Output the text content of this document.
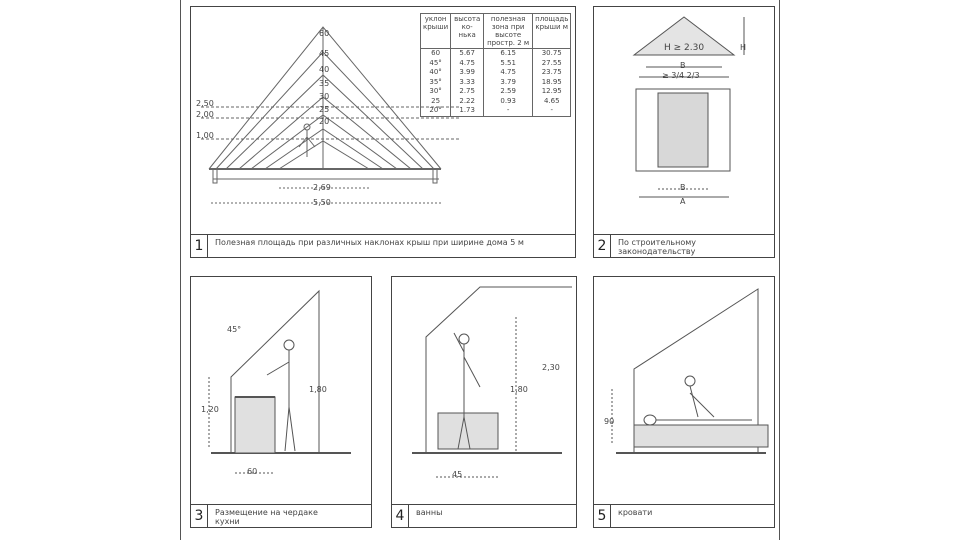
2,50
2,00
1,00
60
45
40
35
30
25
20
2,69
5,50
уклон крыши	высота ко-нька	полезная зона при высоте простр. 2 м	площадь крыши м
60	5.67	6.15	30.75
45°	4.75	5.51	27.55
40°	3.99	4.75	23.75
35°	3.33	3.79	18.95
30°	2.75	2.59	12.95
25	2.22	0.93	4.65
20°	1.73	-	-
1	Полезная площадь при различных наклонах крыш при ширине дома 5 м
H ≥ 2.30	H
B
≥ 3/4 2/3
B
A
2	По строительному законодательству
45°
1,80
1,20
60
3	Размещение на чердаке кухни
2,30
1,80
45
4	ванны
90
5	кровати
